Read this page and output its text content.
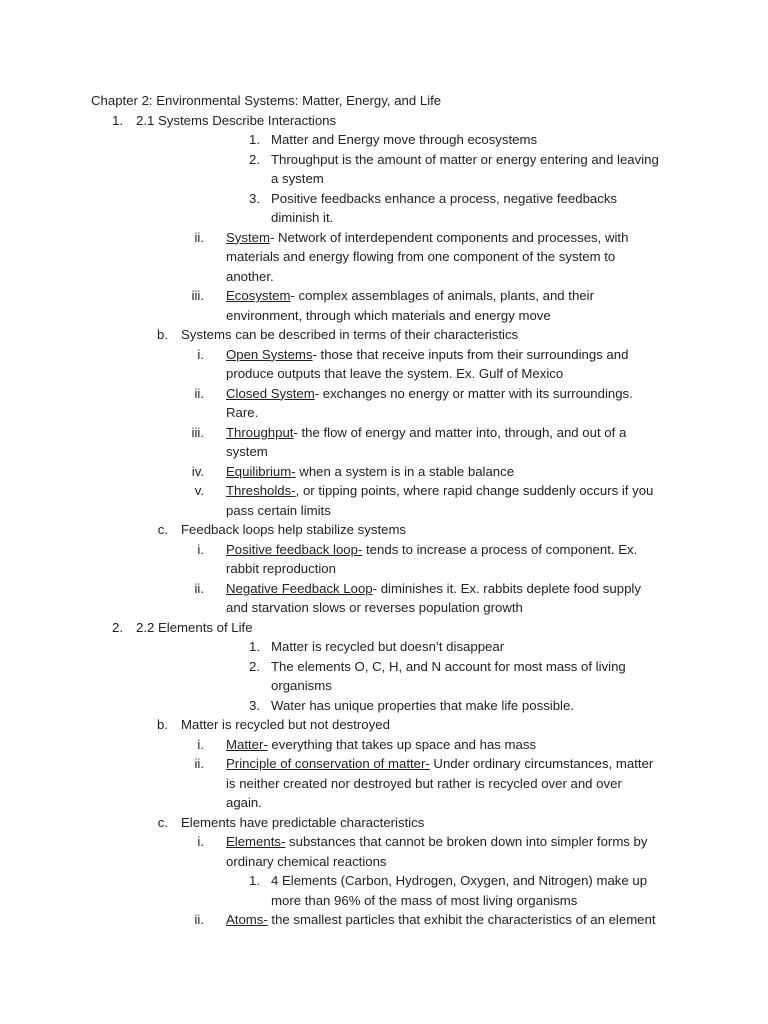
Chapter 2: Environmental Systems: Matter, Energy, and Life
1. 2.1 Systems Describe Interactions
1. Matter and Energy move through ecosystems
2. Throughput is the amount of matter or energy entering and leaving
a system
3. Positive feedbacks enhance a process, negative feedbacks
diminish it.
ii. System- Network of interdependent components and processes, with
materials and energy flowing from one component of the system to
another.
iii. Ecosystem- complex assemblages of animals, plants, and their
environment, through which materials and energy move
b. Systems can be described in terms of their characteristics
i. Open Systems- those that receive inputs from their surroundings and
produce outputs that leave the system. Ex. Gulf of Mexico
ii. Closed System- exchanges no energy or matter with its surroundings.
Rare.
iii. Throughput- the flow of energy and matter into, through, and out of a
system
iv. Equilibrium- when a system is in a stable balance
v. Thresholds-, or tipping points, where rapid change suddenly occurs if you
pass certain limits
c. Feedback loops help stabilize systems
i. Positive feedback loop- tends to increase a process of component. Ex.
rabbit reproduction
ii. Negative Feedback Loop- diminishes it. Ex. rabbits deplete food supply
and starvation slows or reverses population growth
2. 2.2 Elements of Life
1. Matter is recycled but doesn’t disappear
2. The elements O, C, H, and N account for most mass of living
organisms
3. Water has unique properties that make life possible.
b. Matter is recycled but not destroyed
i. Matter- everything that takes up space and has mass
ii. Principle of conservation of matter- Under ordinary circumstances, matter
is neither created nor destroyed but rather is recycled over and over
again.
c. Elements have predictable characteristics
i. Elements- substances that cannot be broken down into simpler forms by
ordinary chemical reactions
1. 4 Elements (Carbon, Hydrogen, Oxygen, and Nitrogen) make up
more than 96% of the mass of most living organisms
ii. Atoms- the smallest particles that exhibit the characteristics of an element
